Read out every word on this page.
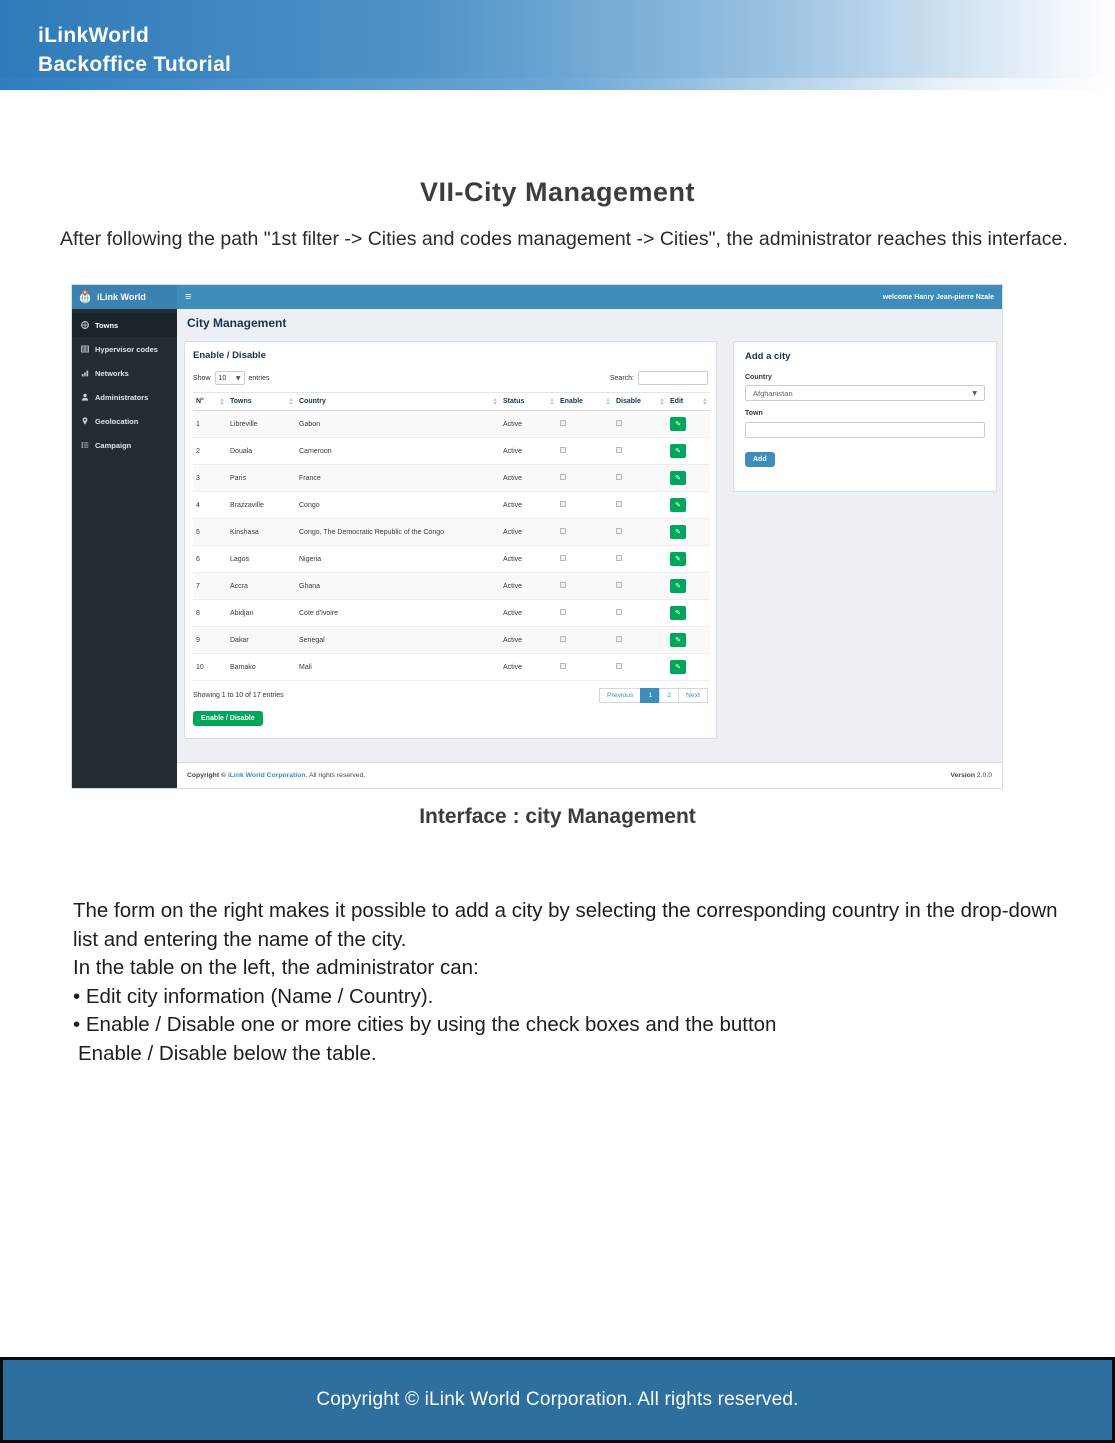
iLinkWorld
Backoffice Tutorial
VII-City Management
After following the path "1st filter -> Cities and codes management -> Cities", the administrator reaches this interface.
iLink World	≡	welcome Hanry Jean-pierre Nzale
Towns
Hypervisor codes
Networks
Administrators
Geolocation
Campaign
City Management
Enable / Disable
Show 10 ▼ entries	Search:
N°	Towns	Country	Status	Enable	Disable	Edit

1	Libreville	Gabon	Active			✎

2	Douala	Cameroon	Active			✎

3	Paris	France	Active			✎

4	Brazzaville	Congo	Active			✎

5	Kinshasa	Congo, The Democratic Republic of the Congo	Active			✎

6	Lagos	Nigeria	Active			✎

7	Accra	Ghana	Active			✎

8	Abidjan	Cote d'Ivoire	Active			✎

9	Dakar	Senegal	Active			✎

10	Bamako	Mali	Active			✎
Showing 1 to 10 of 17 entries	Previous	1	2	Next
Enable / Disable
Add a city
Country
Afghanistan	▼
Town
Add
Copyright © iLink World Corporation. All rights reserved.	Version 2.0.0
Interface : city Management

The form on the right makes it possible to add a city by selecting the corresponding country in the drop-down list and entering the name of the city.

In the table on the left, the administrator can:

• Edit city information (Name / Country).

• Enable / Disable one or more cities by using the check boxes and the button

Enable / Disable below the table.

Copyright © iLink World Corporation. All rights reserved.
